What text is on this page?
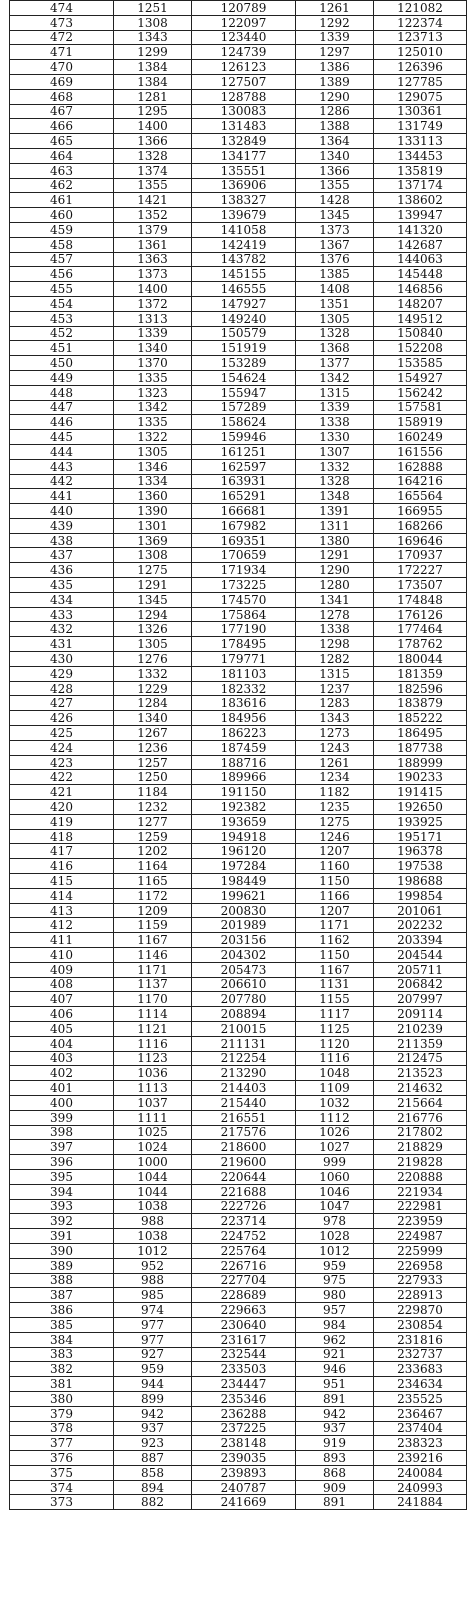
474	1251	120789	1261	121082
473	1308	122097	1292	122374
472	1343	123440	1339	123713
471	1299	124739	1297	125010
470	1384	126123	1386	126396
469	1384	127507	1389	127785
468	1281	128788	1290	129075
467	1295	130083	1286	130361
466	1400	131483	1388	131749
465	1366	132849	1364	133113
464	1328	134177	1340	134453
463	1374	135551	1366	135819
462	1355	136906	1355	137174
461	1421	138327	1428	138602
460	1352	139679	1345	139947
459	1379	141058	1373	141320
458	1361	142419	1367	142687
457	1363	143782	1376	144063
456	1373	145155	1385	145448
455	1400	146555	1408	146856
454	1372	147927	1351	148207
453	1313	149240	1305	149512
452	1339	150579	1328	150840
451	1340	151919	1368	152208
450	1370	153289	1377	153585
449	1335	154624	1342	154927
448	1323	155947	1315	156242
447	1342	157289	1339	157581
446	1335	158624	1338	158919
445	1322	159946	1330	160249
444	1305	161251	1307	161556
443	1346	162597	1332	162888
442	1334	163931	1328	164216
441	1360	165291	1348	165564
440	1390	166681	1391	166955
439	1301	167982	1311	168266
438	1369	169351	1380	169646
437	1308	170659	1291	170937
436	1275	171934	1290	172227
435	1291	173225	1280	173507
434	1345	174570	1341	174848
433	1294	175864	1278	176126
432	1326	177190	1338	177464
431	1305	178495	1298	178762
430	1276	179771	1282	180044
429	1332	181103	1315	181359
428	1229	182332	1237	182596
427	1284	183616	1283	183879
426	1340	184956	1343	185222
425	1267	186223	1273	186495
424	1236	187459	1243	187738
423	1257	188716	1261	188999
422	1250	189966	1234	190233
421	1184	191150	1182	191415
420	1232	192382	1235	192650
419	1277	193659	1275	193925
418	1259	194918	1246	195171
417	1202	196120	1207	196378
416	1164	197284	1160	197538
415	1165	198449	1150	198688
414	1172	199621	1166	199854
413	1209	200830	1207	201061
412	1159	201989	1171	202232
411	1167	203156	1162	203394
410	1146	204302	1150	204544
409	1171	205473	1167	205711
408	1137	206610	1131	206842
407	1170	207780	1155	207997
406	1114	208894	1117	209114
405	1121	210015	1125	210239
404	1116	211131	1120	211359
403	1123	212254	1116	212475
402	1036	213290	1048	213523
401	1113	214403	1109	214632
400	1037	215440	1032	215664
399	1111	216551	1112	216776
398	1025	217576	1026	217802
397	1024	218600	1027	218829
396	1000	219600	999	219828
395	1044	220644	1060	220888
394	1044	221688	1046	221934
393	1038	222726	1047	222981
392	988	223714	978	223959
391	1038	224752	1028	224987
390	1012	225764	1012	225999
389	952	226716	959	226958
388	988	227704	975	227933
387	985	228689	980	228913
386	974	229663	957	229870
385	977	230640	984	230854
384	977	231617	962	231816
383	927	232544	921	232737
382	959	233503	946	233683
381	944	234447	951	234634
380	899	235346	891	235525
379	942	236288	942	236467
378	937	237225	937	237404
377	923	238148	919	238323
376	887	239035	893	239216
375	858	239893	868	240084
374	894	240787	909	240993
373	882	241669	891	241884
